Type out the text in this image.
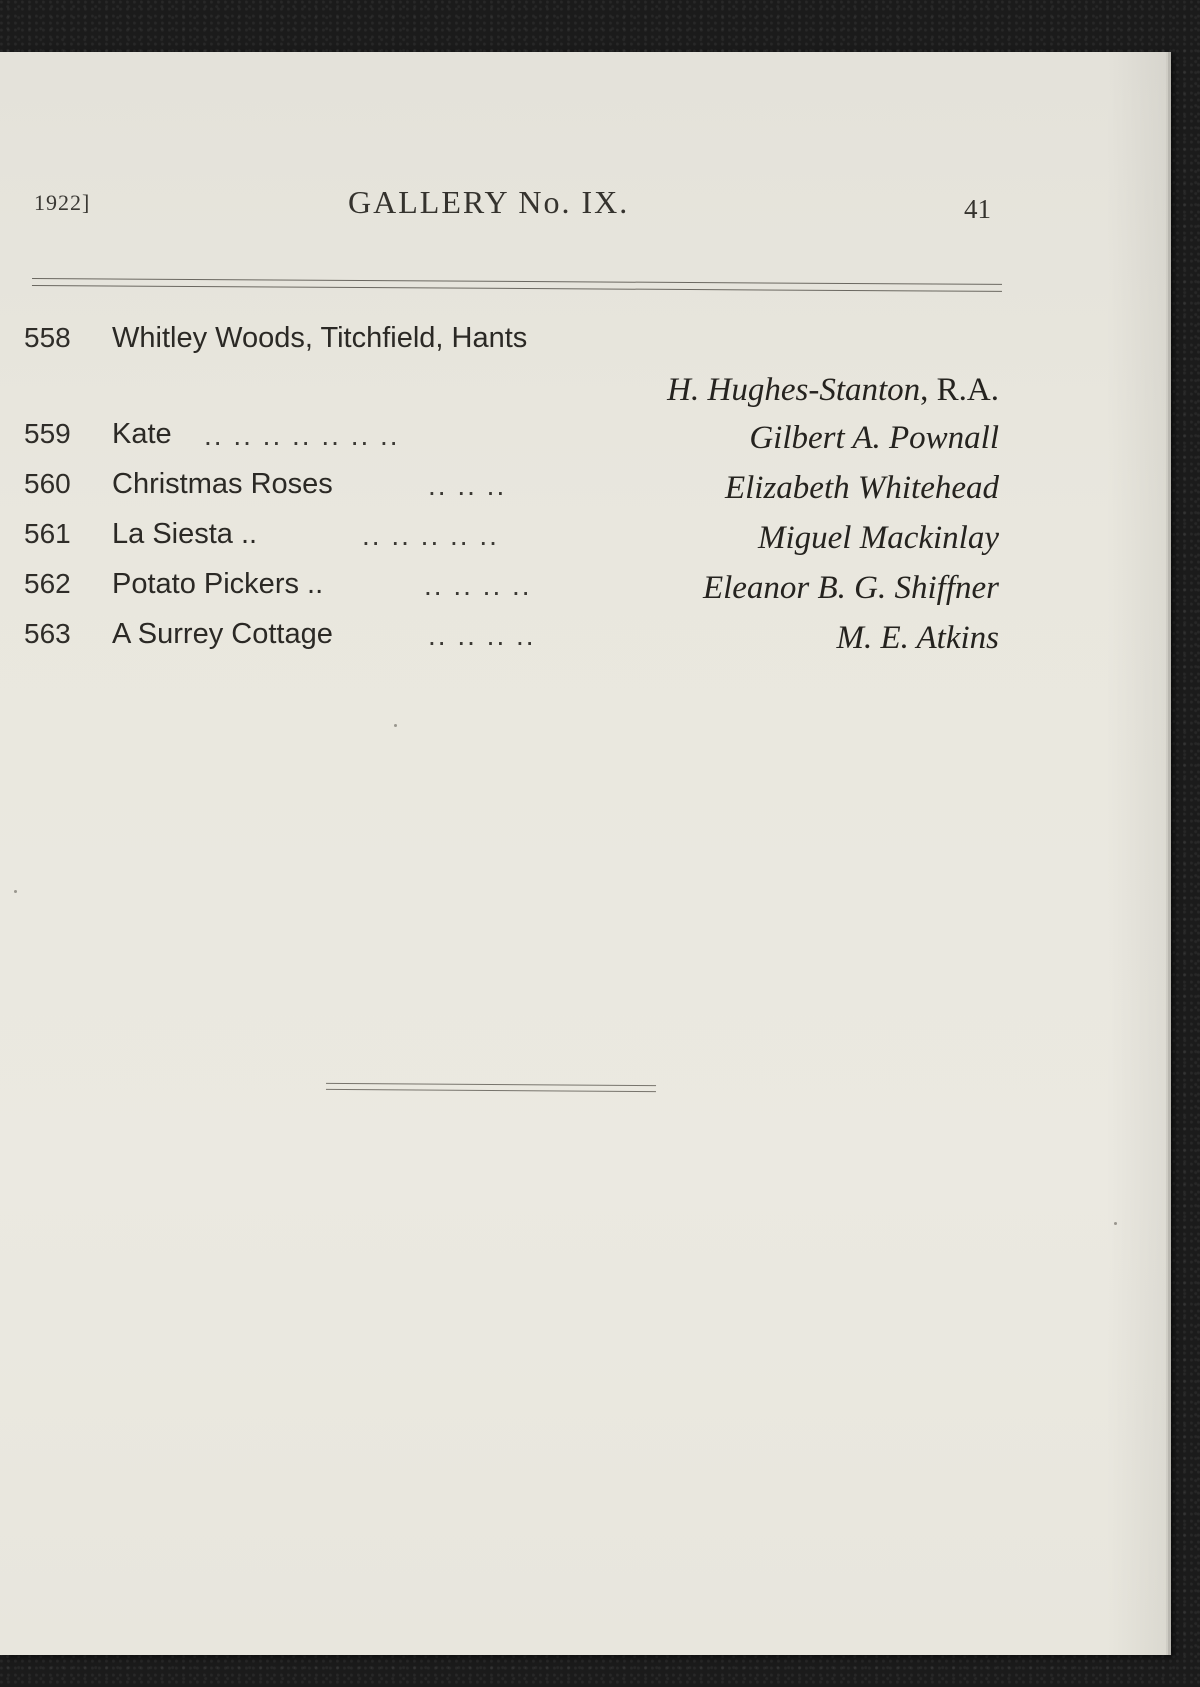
1922]	GALLERY No. IX.	41
558 Whitley Woods, Titchfield, Hants
H. Hughes-Stanton, R.A.
559 Kate .. .. .. .. .. .. ..	Gilbert A. Pownall
560 Christmas Roses	.. .. ..	Elizabeth Whitehead
561 La Siesta ..	.. .. .. .. ..	Miguel Mackinlay
562 Potato Pickers ..	.. .. .. ..	Eleanor B. G. Shiffner
563 A Surrey Cottage	.. .. .. ..	M. E. Atkins
